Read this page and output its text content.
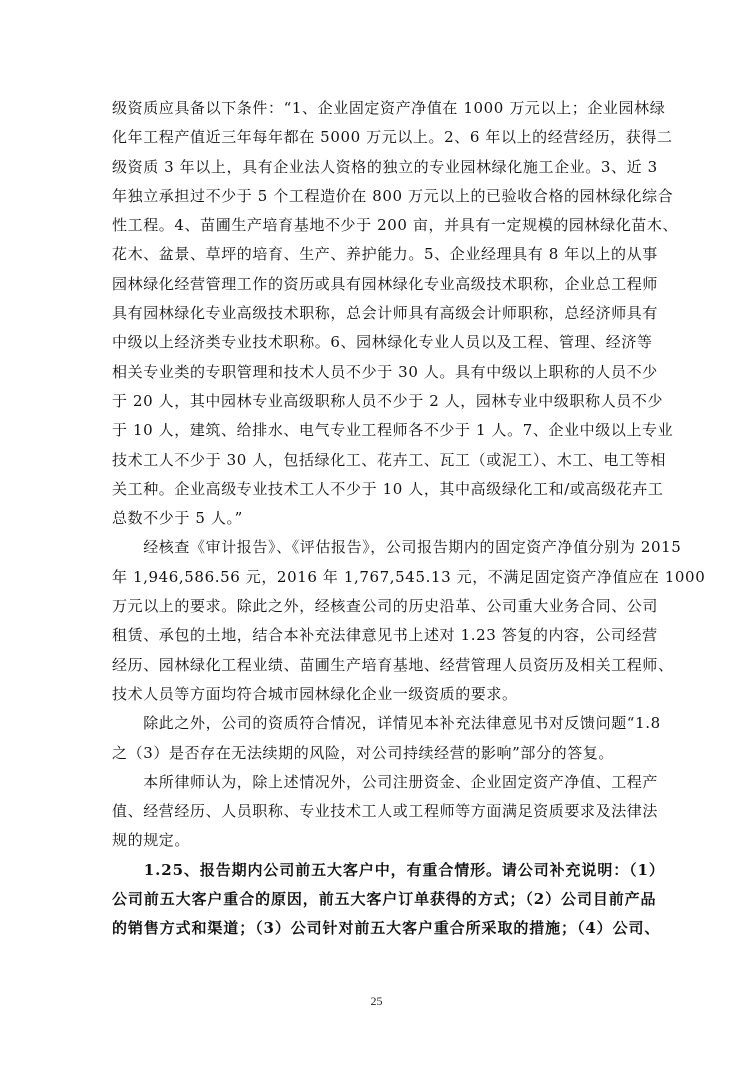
级资质应具备以下条件：“1、企业固定资产净值在 1000 万元以上；企业园林绿
化年工程产值近三年每年都在 5000 万元以上。2、6 年以上的经营经历，获得二
级资质 3 年以上，具有企业法人资格的独立的专业园林绿化施工企业。3、近 3
年独立承担过不少于 5 个工程造价在 800 万元以上的已验收合格的园林绿化综合
性工程。4、苗圃生产培育基地不少于 200 亩，并具有一定规模的园林绿化苗木、
花木、盆景、草坪的培育、生产、养护能力。5、企业经理具有 8 年以上的从事
园林绿化经营管理工作的资历或具有园林绿化专业高级技术职称，企业总工程师
具有园林绿化专业高级技术职称，总会计师具有高级会计师职称，总经济师具有
中级以上经济类专业技术职称。6、园林绿化专业人员以及工程、管理、经济等
相关专业类的专职管理和技术人员不少于 30 人。具有中级以上职称的人员不少
于 20 人，其中园林专业高级职称人员不少于 2 人，园林专业中级职称人员不少
于 10 人，建筑、给排水、电气专业工程师各不少于 1 人。7、企业中级以上专业
技术工人不少于 30 人，包括绿化工、花卉工、瓦工（或泥工）、木工、电工等相
关工种。企业高级专业技术工人不少于 10 人，其中高级绿化工和/或高级花卉工
总数不少于 5 人。”

　　经核查《审计报告》、《评估报告》，公司报告期内的固定资产净值分别为 2015
年 1,946,586.56 元，2016 年 1,767,545.13 元，不满足固定资产净值应在 1000
万元以上的要求。除此之外，经核查公司的历史沿革、公司重大业务合同、公司
租赁、承包的土地，结合本补充法律意见书上述对 1.23 答复的内容，公司经营
经历、园林绿化工程业绩、苗圃生产培育基地、经营管理人员资历及相关工程师、
技术人员等方面均符合城市园林绿化企业一级资质的要求。

　　除此之外，公司的资质符合情况，详情见本补充法律意见书对反馈问题“1.8
之（3）是否存在无法续期的风险，对公司持续经营的影响”部分的答复。

　　本所律师认为，除上述情况外，公司注册资金、企业固定资产净值、工程产
值、经营经历、人员职称、专业技术工人或工程师等方面满足资质要求及法律法
规的规定。

　　1.25、报告期内公司前五大客户中，有重合情形。请公司补充说明：（1）
公司前五大客户重合的原因，前五大客户订单获得的方式；（2）公司目前产品
的销售方式和渠道；（3）公司针对前五大客户重合所采取的措施；（4）公司、

25
